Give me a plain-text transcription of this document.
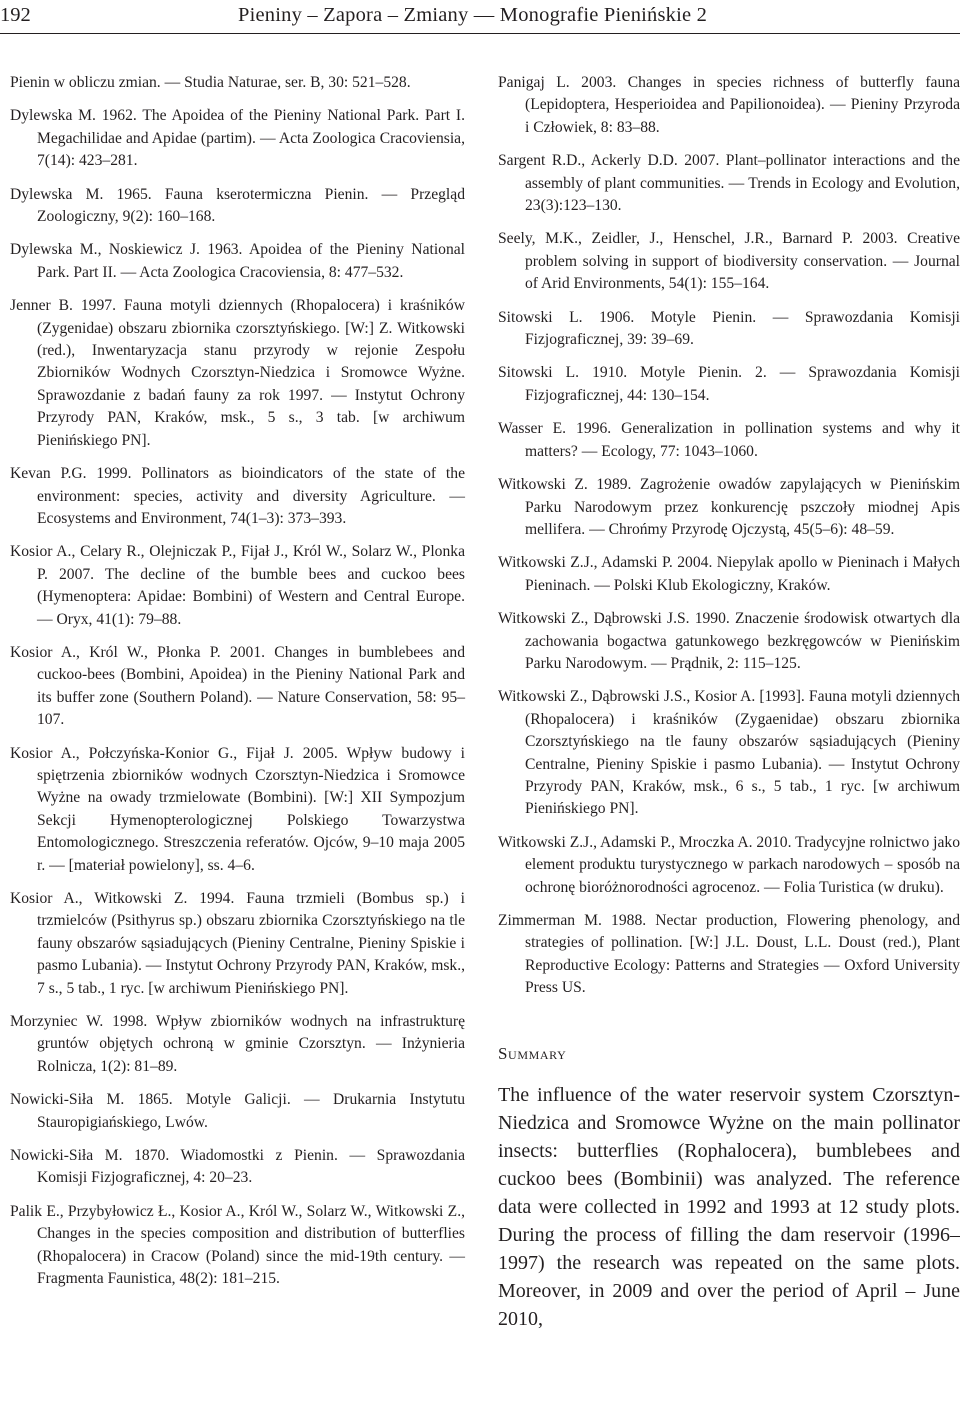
192	Pieniny – Zapora – Zmiany — Monografie Pienińskie 2

Pienin w obliczu zmian. — Studia Naturae, ser. B, 30: 521–528.

Dylewska M. 1962. The Apoidea of the Pieniny National Park. Part I. Megachilidae and Apidae (partim). — Acta Zoologica Cracoviensia, 7(14): 423–281.

Dylewska M. 1965. Fauna kserotermiczna Pienin. — Przegląd Zoologiczny, 9(2): 160–168.

Dylewska M., Noskiewicz J. 1963. Apoidea of the Pieniny National Park. Part II. — Acta Zoologica Cracoviensia, 8: 477–532.

Jenner B. 1997. Fauna motyli dziennych (Rhopalocera) i kraśników (Zygenidae) obszaru zbiornika czorsztyńskiego. [W:] Z. Witkowski (red.), Inwentaryzacja stanu przyrody w rejonie Zespołu Zbiorników Wodnych Czorsztyn-Niedzica i Sromowce Wyżne. Sprawozdanie z badań fauny za rok 1997. — Instytut Ochrony Przyrody PAN, Kraków, msk., 5 s., 3 tab. [w archiwum Pienińskiego PN].

Kevan P.G. 1999. Pollinators as bioindicators of the state of the environment: species, activity and diversity Agriculture. — Ecosystems and Environment, 74(1–3): 373–393.

Kosior A., Celary R., Olejniczak P., Fijał J., Król W., Solarz W., Plonka P. 2007. The decline of the bumble bees and cuckoo bees (Hymenoptera: Apidae: Bombini) of Western and Central Europe. — Oryx, 41(1): 79–88.

Kosior A., Król W., Płonka P. 2001. Changes in bumblebees and cuckoo-bees (Bombini, Apoidea) in the Pieniny National Park and its buffer zone (Southern Poland). — Nature Conservation, 58: 95–107.

Kosior A., Połczyńska-Konior G., Fijał J. 2005. Wpływ budowy i spiętrzenia zbiorników wodnych Czorsztyn-Niedzica i Sromowce Wyżne na owady trzmielowate (Bombini). [W:] XII Sympozjum Sekcji Hymenopterologicznej Polskiego Towarzystwa Entomologicznego. Streszczenia referatów. Ojców, 9–10 maja 2005 r. — [materiał powielony], ss. 4–6.

Kosior A., Witkowski Z. 1994. Fauna trzmieli (Bombus sp.) i trzmielców (Psithyrus sp.) obszaru zbiornika Czorsztyńskiego na tle fauny obszarów sąsiadujących (Pieniny Centralne, Pieniny Spiskie i pasmo Lubania). — Instytut Ochrony Przyrody PAN, Kraków, msk., 7 s., 5 tab., 1 ryc. [w archiwum Pienińskiego PN].

Morzyniec W. 1998. Wpływ zbiorników wodnych na infrastrukturę gruntów objętych ochroną w gminie Czorsztyn. — Inżynieria Rolnicza, 1(2): 81–89.

Nowicki-Siła M. 1865. Motyle Galicji. — Drukarnia Instytutu Stauropigiańskiego, Lwów.

Nowicki-Siła M. 1870. Wiadomostki z Pienin. — Sprawozdania Komisji Fizjograficznej, 4: 20–23.

Palik E., Przybyłowicz Ł., Kosior A., Król W., Solarz W., Witkowski Z., Changes in the species composition and distribution of butterflies (Rhopalocera) in Cracow (Poland) since the mid-19th century. — Fragmenta Faunistica, 48(2): 181–215.

Panigaj L. 2003. Changes in species richness of butterfly fauna (Lepidoptera, Hesperioidea and Papilionoidea). — Pieniny Przyroda i Człowiek, 8: 83–88.

Sargent R.D., Ackerly D.D. 2007. Plant–pollinator interactions and the assembly of plant communities. — Trends in Ecology and Evolution, 23(3):123–130.

Seely, M.K., Zeidler, J., Henschel, J.R., Barnard P. 2003. Creative problem solving in support of biodiversity conservation. — Journal of Arid Environments, 54(1): 155–164.

Sitowski L. 1906. Motyle Pienin. — Sprawozdania Komisji Fizjograficznej, 39: 39–69.

Sitowski L. 1910. Motyle Pienin. 2. — Sprawozdania Komisji Fizjograficznej, 44: 130–154.

Wasser E. 1996. Generalization in pollination systems and why it matters? — Ecology, 77: 1043–1060.

Witkowski Z. 1989. Zagrożenie owadów zapylających w Pienińskim Parku Narodowym przez konkurencję pszczoły miodnej Apis mellifera. — Chrońmy Przyrodę Ojczystą, 45(5–6): 48–59.

Witkowski Z.J., Adamski P. 2004. Niepylak apollo w Pieninach i Małych Pieninach. — Polski Klub Ekologiczny, Kraków.

Witkowski Z., Dąbrowski J.S. 1990. Znaczenie środowisk otwartych dla zachowania bogactwa gatunkowego bezkręgowców w Pienińskim Parku Narodowym. — Prądnik, 2: 115–125.

Witkowski Z., Dąbrowski J.S., Kosior A. [1993]. Fauna motyli dziennych (Rhopalocera) i kraśników (Zygaenidae) obszaru zbiornika Czorsztyńskiego na tle fauny obszarów sąsiadujących (Pieniny Centralne, Pieniny Spiskie i pasmo Lubania). — Instytut Ochrony Przyrody PAN, Kraków, msk., 6 s., 5 tab., 1 ryc. [w archiwum Pienińskiego PN].

Witkowski Z.J., Adamski P., Mroczka A. 2010. Tradycyjne rolnictwo jako element produktu turystycznego w parkach narodowych – sposób na ochronę bioróżnorodności agrocenoz. — Folia Turistica (w druku).

Zimmerman M. 1988. Nectar production, Flowering phenology, and strategies of pollination. [W:] J.L. Doust, L.L. Doust (red.), Plant Reproductive Ecology: Patterns and Strategies — Oxford University Press US.

Summary

The influence of the water reservoir system Czorsztyn-Niedzica and Sromowce Wyżne on the main pollinator insects: butterflies (Rophalocera), bumblebees and cuckoo bees (Bombinii) was analyzed. The reference data were collected in 1992 and 1993 at 12 study plots. During the process of filling the dam reservoir (1996–1997) the research was repeated on the same plots. Moreover, in 2009 and over the period of April – June 2010,
